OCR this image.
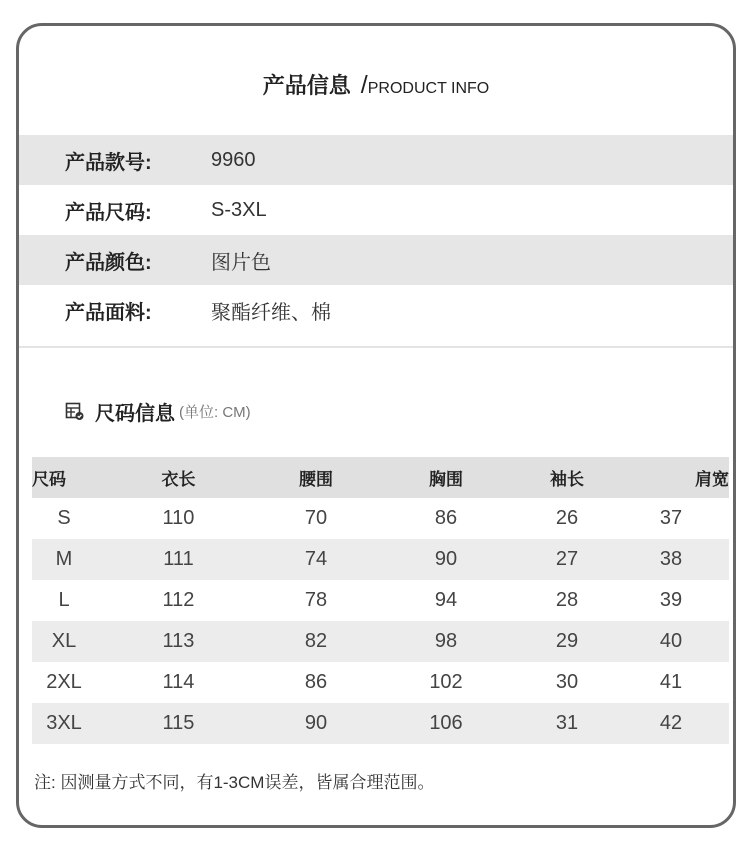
产品信息 /PRODUCT INFO
产品款号:	9960
产品尺码:	S-3XL
产品颜色:	图片色
产品面料:	聚酯纤维、棉
尺码信息 (单位: CM)
尺码	衣长	腰围	胸围	袖长	肩宽
S	110	70	86	26	37
M	111	74	90	27	38
L	112	78	94	28	39
XL	113	82	98	29	40
2XL	114	86	102	30	41
3XL	115	90	106	31	42
注: 因测量方式不同，有1-3CM误差，皆属合理范围。
